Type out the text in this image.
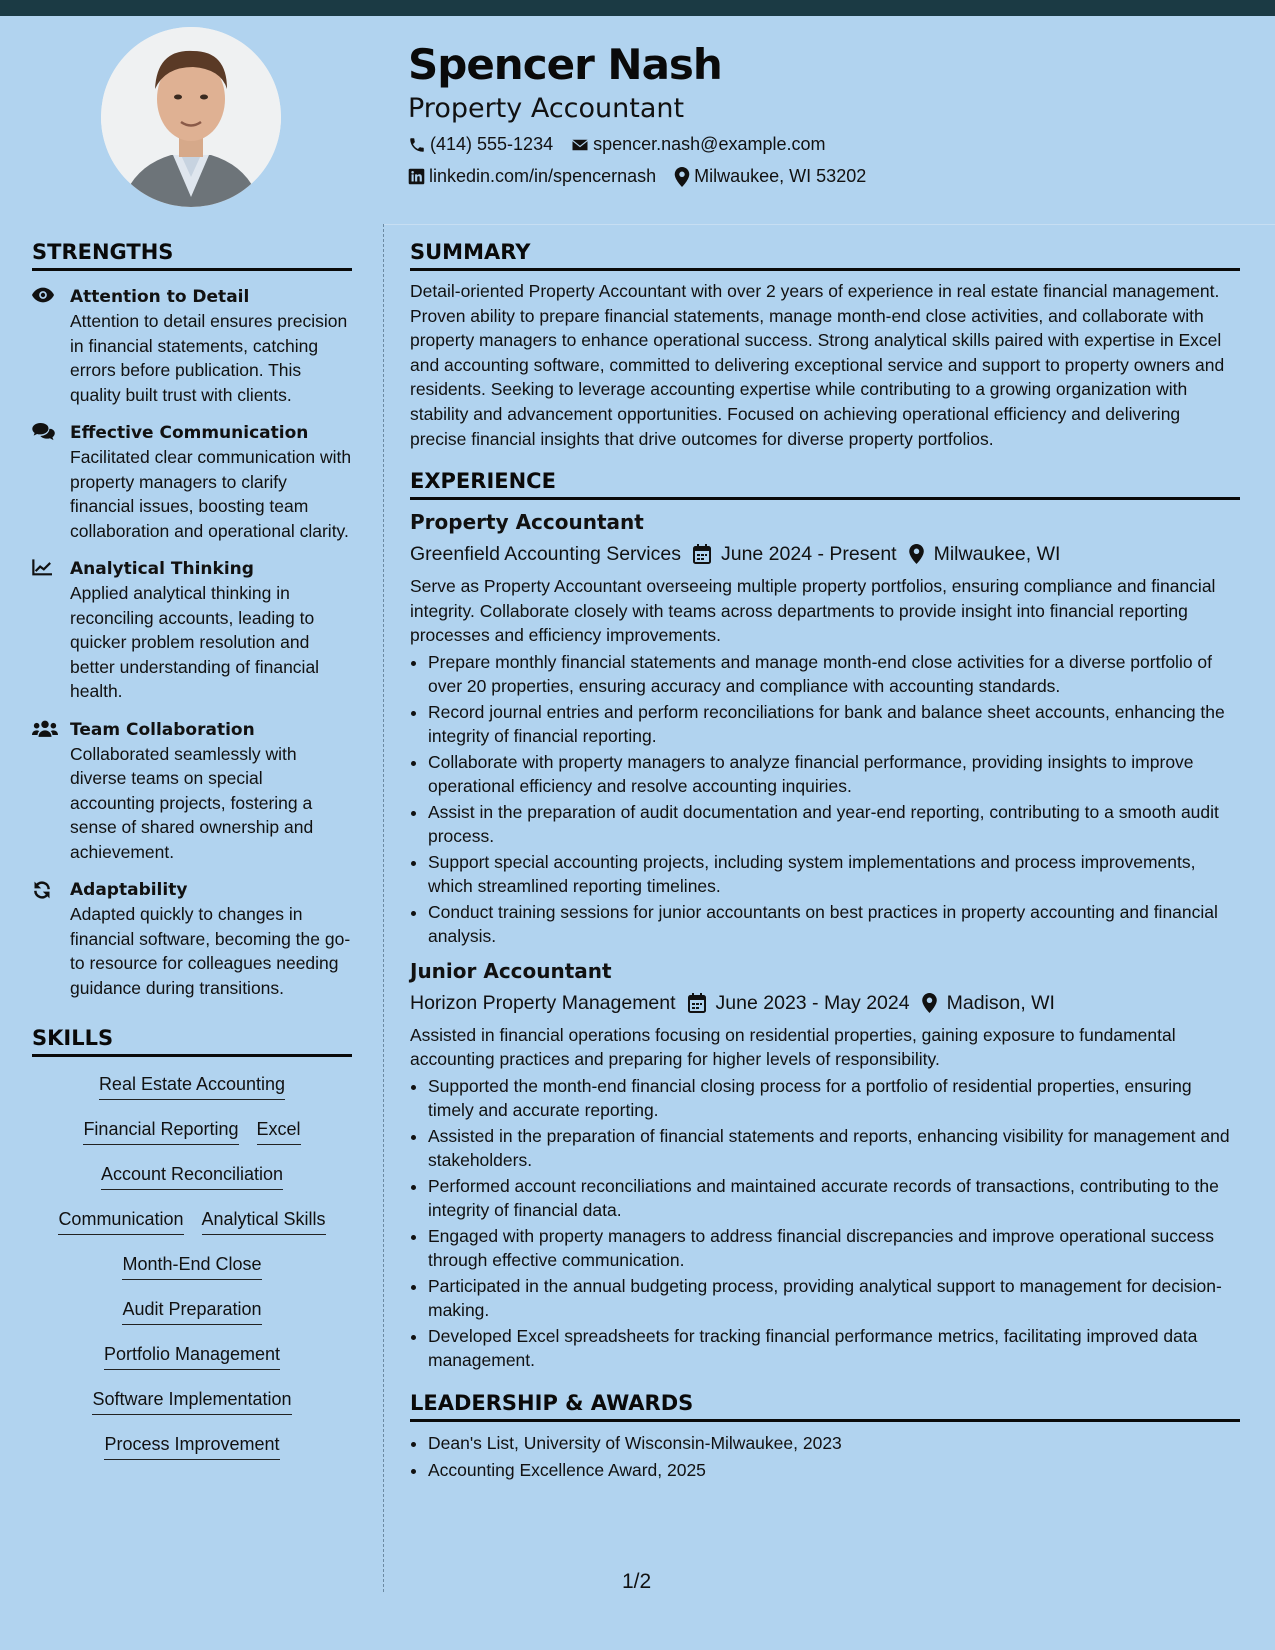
Spencer Nash
Property Accountant
(414) 555-1234 spencer.nash@example.com
linkedin.com/in/spencernash Milwaukee, WI 53202
STRENGTHS
Attention to Detail
Attention to detail ensures precision in financial statements, catching errors before publication. This quality built trust with clients.
Effective Communication
Facilitated clear communication with property managers to clarify financial issues, boosting team collaboration and operational clarity.
Analytical Thinking
Applied analytical thinking in reconciling accounts, leading to quicker problem resolution and better understanding of financial health.
Team Collaboration
Collaborated seamlessly with diverse teams on special accounting projects, fostering a sense of shared ownership and achievement.
Adaptability
Adapted quickly to changes in financial software, becoming the go-to resource for colleagues needing guidance during transitions.
SKILLS
Real Estate Accounting
Financial Reporting Excel
Account Reconciliation
Communication Analytical Skills
Month-End Close
Audit Preparation
Portfolio Management
Software Implementation
Process Improvement
SUMMARY

Detail-oriented Property Accountant with over 2 years of experience in real estate financial management. Proven ability to prepare financial statements, manage month-end close activities, and collaborate with property managers to enhance operational success. Strong analytical skills paired with expertise in Excel and accounting software, committed to delivering exceptional service and support to property owners and residents. Seeking to leverage accounting expertise while contributing to a growing organization with stability and advancement opportunities. Focused on achieving operational efficiency and delivering precise financial insights that drive outcomes for diverse property portfolios.

EXPERIENCE
Property Accountant
Greenfield Accounting Services June 2024 - Present Milwaukee, WI
Serve as Property Accountant overseeing multiple property portfolios, ensuring compliance and financial integrity. Collaborate closely with teams across departments to provide insight into financial reporting processes and efficiency improvements.
• Prepare monthly financial statements and manage month-end close activities for a diverse portfolio of over 20 properties, ensuring accuracy and compliance with accounting standards.
• Record journal entries and perform reconciliations for bank and balance sheet accounts, enhancing the integrity of financial reporting.
• Collaborate with property managers to analyze financial performance, providing insights to improve operational efficiency and resolve accounting inquiries.
• Assist in the preparation of audit documentation and year-end reporting, contributing to a smooth audit process.
• Support special accounting projects, including system implementations and process improvements, which streamlined reporting timelines.
• Conduct training sessions for junior accountants on best practices in property accounting and financial analysis.
Junior Accountant
Horizon Property Management June 2023 - May 2024 Madison, WI
Assisted in financial operations focusing on residential properties, gaining exposure to fundamental accounting practices and preparing for higher levels of responsibility.
• Supported the month-end financial closing process for a portfolio of residential properties, ensuring timely and accurate reporting.
• Assisted in the preparation of financial statements and reports, enhancing visibility for management and stakeholders.
• Performed account reconciliations and maintained accurate records of transactions, contributing to the integrity of financial data.
• Engaged with property managers to address financial discrepancies and improve operational success through effective communication.
• Participated in the annual budgeting process, providing analytical support to management for decision-making.
• Developed Excel spreadsheets for tracking financial performance metrics, facilitating improved data management.
LEADERSHIP & AWARDS
• Dean's List, University of Wisconsin-Milwaukee, 2023
• Accounting Excellence Award, 2025
1/2
